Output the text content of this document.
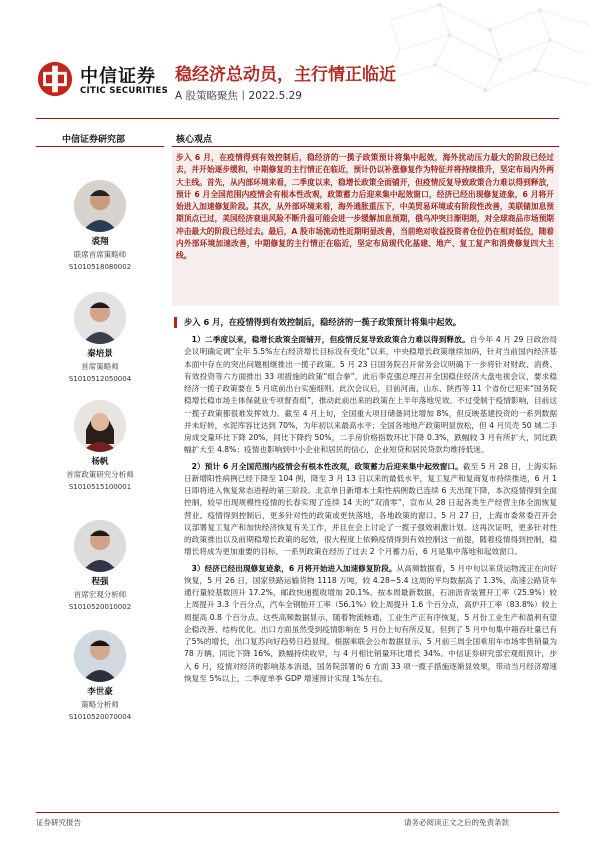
中信证券
CITIC SECURITIES
稳经济总动员，主行情正临近
A 股策略聚焦丨2022.5.29
中信证券研究部
裘翔
联席首席策略师
S1010518080002
秦培景
首席策略师
S1010512050004
杨帆
首席政策研究分析师
S1010515100001
程强
首席宏观分析师
S1010520010002
李世豪
策略分析师
S1010520070004
核心观点
步入 6 月，在疫情得到有效控制后，稳经济的一揽子政策预计将集中起效，海外扰动压力最大的阶段已经过去，并开始逐步缓和，中期修复的主行情正在临近，预计仍以补涨修复作为特征并将持续推升，坚定布局内外两大主线。首先，从内部环境来看，二季度以来，稳增长政策全面铺开，但疫情反复导致政策合力难以得到释放，预计 6 月全国范围内疫情会有根本性改观，政策蓄力后迎来集中起效窗口，经济已经出现修复迹象，6 月将开始进入加速修复阶段。其次，从外部环境来看，海外通胀重压下，中美贸易环境或有阶段性改善，美联储加息预期顶点已过，美国经济衰退风险不断升温可能会进一步缓解加息预期，俄乌冲突日渐明朗，对全球商品市场预期冲击最大的阶段已经过去。最后，A 股市场流动性近期明显改善，当前绝对收益投资者仓位仍在相对低位，随着内外部环境加速改善，中期修复的主行情正在临近，坚定布局现代化基建、地产、复工复产和消费修复四大主线。
步入 6 月，在疫情得到有效控制后，稳经济的一揽子政策预计将集中起效。

1）二季度以来，稳增长政策全面铺开，但疫情反复导致政策合力难以得到释放。自今年 4 月 29 日政治局会议明确定调“全年 5.5%左右经济增长目标没有变化”以来，中央稳增长政策继续加码，针对当前国内经济基本面中存在的突出问题相继推出一揽子政策。5 月 23 日国务院召开常务会议明确下一步将针对财政、消费、有效投资等六方面推出 33 项措施的政策“组合拳”，此后李克强总理召开全国稳住经济大盘电视会议，要求稳经济一揽子政策要在 5 月底前出台实施细则。此次会议后，目前河南、山东、陕西等 11 个省份已迎来“国务院稳增长稳市场主体保就业专项督查组”，推动此前出来的政策在上半年落地见效。不过受制于疫情影响，目前这一揽子政策都很难发挥效力。截至 4 月上旬，全国重大项目储备同比增加 8%，但反映基建投资的一系列数据并未好转，水泥库容比达到 70%，为年初以来最高水平；全国各地地产政策明显放松，但 4 月贝壳 50 城二手房成交量环比下降 20%，同比下降约 50%，二手房价格指数环比下降 0.3%，跌幅较 3 月有所扩大，同比跌幅扩大至 4.8%；疫情也影响到中小企业和居民的信心，企业短贷和居民贷款均维持低迷。

2）预计 6 月全国范围内疫情会有根本性改观，政策蓄力后迎来集中起效窗口。截至 5 月 28 日，上海实际日新增阳性病例已经下降至 104 例，降至 3 月 13 日以来的最低水平，复工复产和复商复市持续推进，6 月 1 日即将进入恢复常态进程的第三阶段。北京单日新增本土阳性病例数已连续 6 天出现下降，本次疫情得到全面控制，较早出现规模性疫情的长春实现了连续 14 天的“双清零”，宣布从 28 日起各类生产经营主体全面恢复营业。疫情得到控制后，更多针对性的政策或更快落地，各地政策的窗口。5 月 27 日，上海市委常委召开会议部署复工复产和加快经济恢复有关工作，并且在会上讨论了一揽子强效刺激计划。这再次证明，更多针对性的政策推出以及前期稳增长政策的起效，很大程度上依赖疫情得到有效控制这一前提，随着疫情得到控制，稳增长将成为更加重要的目标，一系列政策在经历了过去 2 个月蓄力后，6 月是集中落地和起效窗口。

3）经济已经出现修复迹象，6 月将开始进入加速修复阶段。从高频数据看，5 月中旬以来货运物流正在向好恢复，5 月 26 日，国家铁路运输货物 1118 万吨，较 4.28~5.4 这周的平均数据高了 1.3%，高速公路货车通行量较基数回升 17.2%，邮政快递揽收增加 20.1%。按本周最新数据，石油沥青装置开工率（25.9%）较上周提升 3.3 个百分点，汽车全钢胎开工率（56.1%）较上周提升 1.6 个百分点，高炉开工率（83.8%）较上周提高 0.8 个百分点。这些高频数据显示，随着物流畅通，工业生产正有序恢复，5 月份工业生产和盈利有望企稳改善、结构优化。出口方面虽然受到疫情影响在 5 月份上旬有所反复，但到了 5 月中旬集中箱吞吐量已有了5%的增长，出口复苏向好趋势日趋显现。根据乘联会公布数据显示，5 月前三周全国乘用车市场零售销量为 78 万辆，同比下降 16%，跌幅持续收窄，与 4 月相比销量环比增长 34%。中信证券研究部宏观组预计，步入 6 月，疫情对经济的影响基本消退，国务院部署的 6 方面 33 项一揽子措施逐渐显效果，带动当月经济增速恢复至 5%以上，二季度单季 GDP 增速预计实现 1%左右。

证券研究报告	请务必阅读正文之后的免责条款
